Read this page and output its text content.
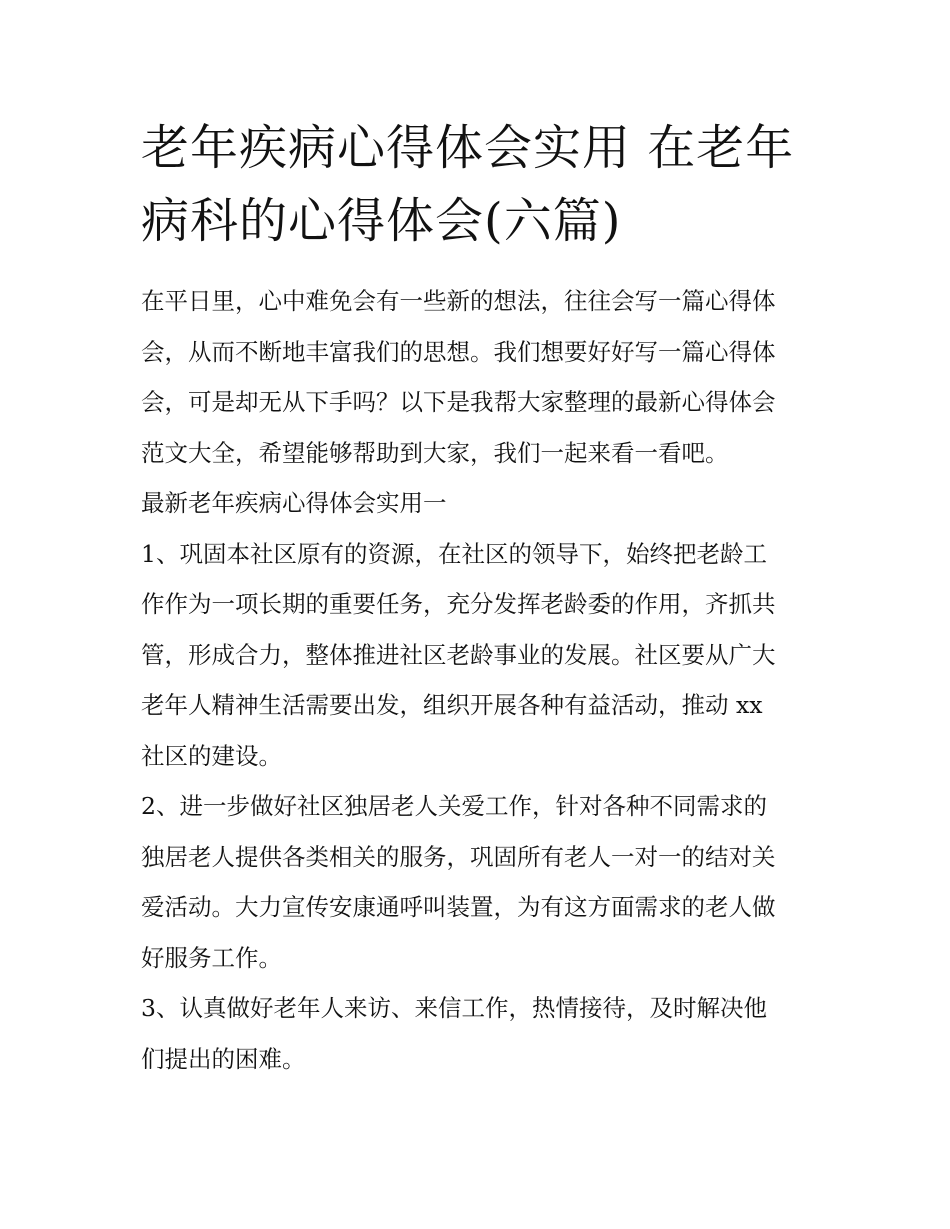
老年疾病心得体会实用 在老年
病科的心得体会(六篇)
在平日里，心中难免会有一些新的想法，往往会写一篇心得体
会，从而不断地丰富我们的思想。我们想要好好写一篇心得体
会，可是却无从下手吗？以下是我帮大家整理的最新心得体会
范文大全，希望能够帮助到大家，我们一起来看一看吧。
最新老年疾病心得体会实用一
1、巩固本社区原有的资源，在社区的领导下，始终把老龄工
作作为一项长期的重要任务，充分发挥老龄委的作用，齐抓共
管，形成合力，整体推进社区老龄事业的发展。社区要从广大
老年人精神生活需要出发，组织开展各种有益活动，推动 xx
社区的建设。
2、进一步做好社区独居老人关爱工作，针对各种不同需求的
独居老人提供各类相关的服务，巩固所有老人一对一的结对关
爱活动。大力宣传安康通呼叫装置，为有这方面需求的老人做
好服务工作。
3、认真做好老年人来访、来信工作，热情接待，及时解决他
们提出的困难。
